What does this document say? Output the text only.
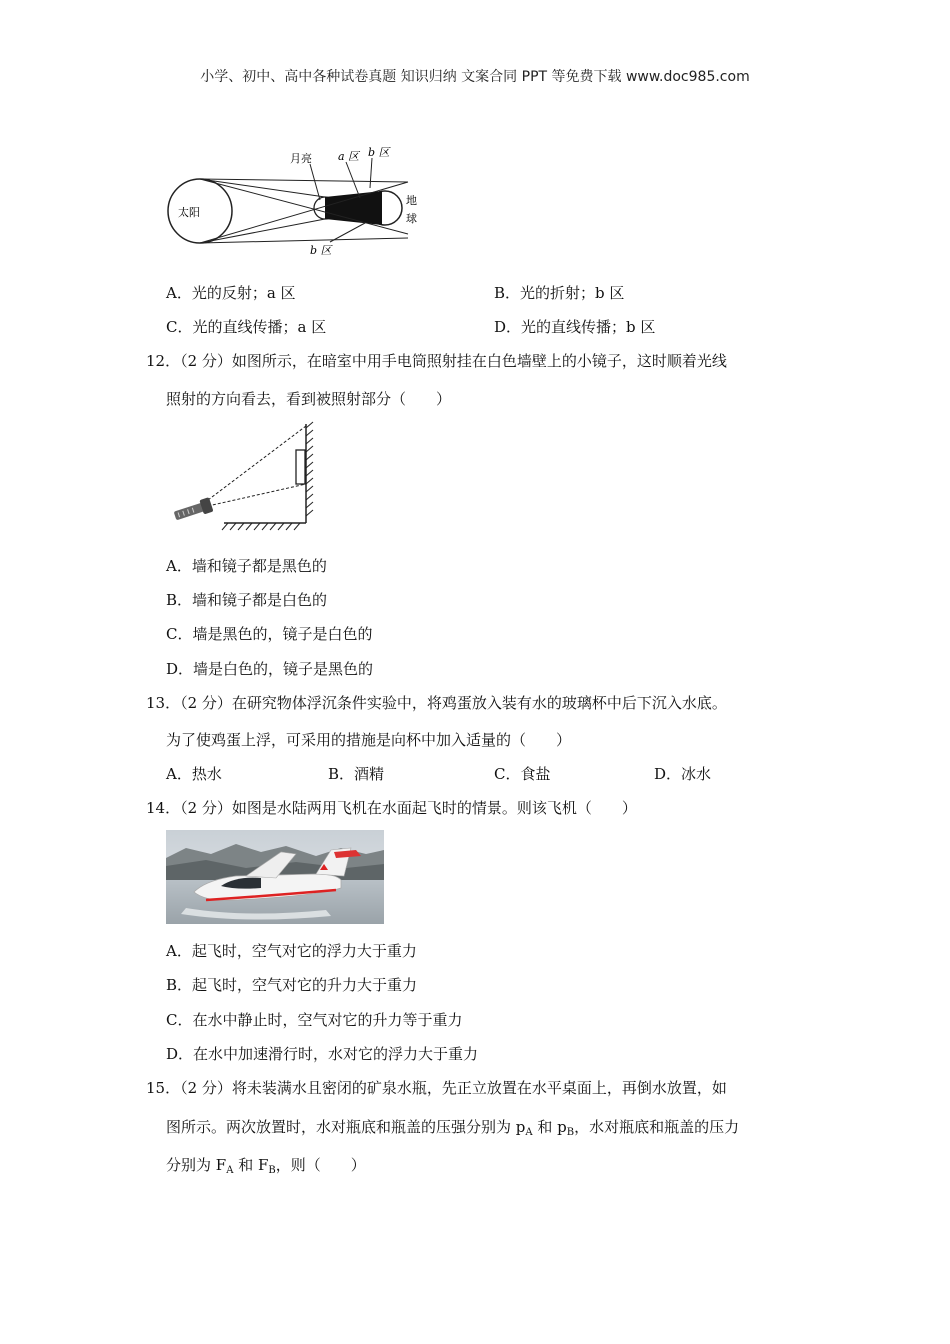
小学、初中、高中各种试卷真题 知识归纳 文案合同 PPT 等免费下载 www.doc985.com
太阳
月亮 a 区 b 区
b 区
地
球
A．光的反射；a 区	B．光的折射；b 区
C．光的直线传播；a 区	D．光的直线传播；b 区
12．（2 分）如图所示，在暗室中用手电筒照射挂在白色墙壁上的小镜子，这时顺着光线
照射的方向看去，看到被照射部分（　　）
A．墙和镜子都是黑色的
B．墙和镜子都是白色的
C．墙是黑色的，镜子是白色的
D．墙是白色的，镜子是黑色的
13．（2 分）在研究物体浮沉条件实验中，将鸡蛋放入装有水的玻璃杯中后下沉入水底。
为了使鸡蛋上浮，可采用的措施是向杯中加入适量的（　　）
A．热水	B．酒精	C．食盐	D．冰水
14．（2 分）如图是水陆两用飞机在水面起飞时的情景。则该飞机（　　）
A．起飞时，空气对它的浮力大于重力
B．起飞时，空气对它的升力大于重力
C．在水中静止时，空气对它的升力等于重力
D．在水中加速滑行时，水对它的浮力大于重力
15．（2 分）将未装满水且密闭的矿泉水瓶，先正立放置在水平桌面上，再倒水放置，如
图所示。两次放置时，水对瓶底和瓶盖的压强分别为 $p_A$ 和 $p_B$，水对瓶底和瓶盖的压力
分别为 $F_A$ 和 $F_B$，则（　　）
